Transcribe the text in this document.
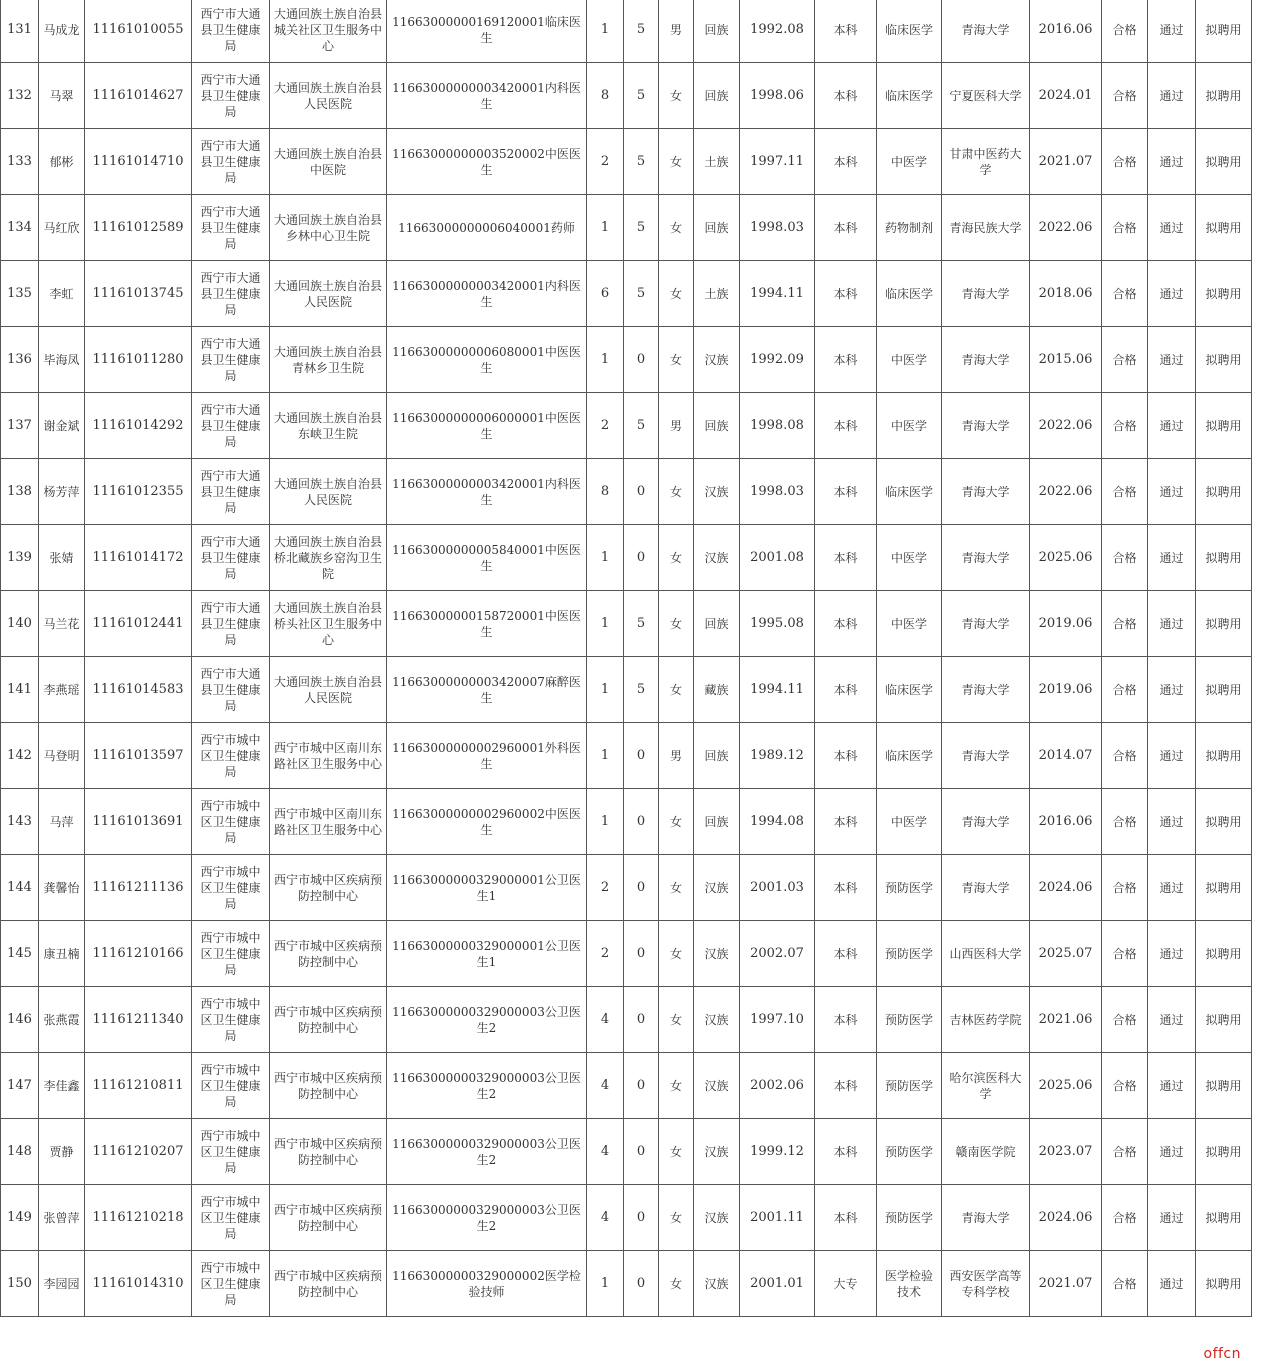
131	马成龙	11161010055	西宁市大通县卫生健康局	大通回族土族自治县城关社区卫生服务中心	11663000000169120001临床医生	1	5	男	回族	1992.08	本科	临床医学	青海大学	2016.06	合格	通过	拟聘用
132	马翠	11161014627	西宁市大通县卫生健康局	大通回族土族自治县人民医院	11663000000003420001内科医生	8	5	女	回族	1998.06	本科	临床医学	宁夏医科大学	2024.01	合格	通过	拟聘用
133	郁彬	11161014710	西宁市大通县卫生健康局	大通回族土族自治县中医院	11663000000003520002中医医生	2	5	女	土族	1997.11	本科	中医学	甘肃中医药大学	2021.07	合格	通过	拟聘用
134	马红欣	11161012589	西宁市大通县卫生健康局	大通回族土族自治县乡林中心卫生院	11663000000006040001药师	1	5	女	回族	1998.03	本科	药物制剂	青海民族大学	2022.06	合格	通过	拟聘用
135	李虹	11161013745	西宁市大通县卫生健康局	大通回族土族自治县人民医院	11663000000003420001内科医生	6	5	女	土族	1994.11	本科	临床医学	青海大学	2018.06	合格	通过	拟聘用
136	毕海凤	11161011280	西宁市大通县卫生健康局	大通回族土族自治县青林乡卫生院	11663000000006080001中医医生	1	0	女	汉族	1992.09	本科	中医学	青海大学	2015.06	合格	通过	拟聘用
137	谢金斌	11161014292	西宁市大通县卫生健康局	大通回族土族自治县东峡卫生院	11663000000006000001中医医生	2	5	男	回族	1998.08	本科	中医学	青海大学	2022.06	合格	通过	拟聘用
138	杨芳萍	11161012355	西宁市大通县卫生健康局	大通回族土族自治县人民医院	11663000000003420001内科医生	8	0	女	汉族	1998.03	本科	临床医学	青海大学	2022.06	合格	通过	拟聘用
139	张婧	11161014172	西宁市大通县卫生健康局	大通回族土族自治县桥北藏族乡窑沟卫生院	11663000000005840001中医医生	1	0	女	汉族	2001.08	本科	中医学	青海大学	2025.06	合格	通过	拟聘用
140	马兰花	11161012441	西宁市大通县卫生健康局	大通回族土族自治县桥头社区卫生服务中心	11663000000158720001中医医生	1	5	女	回族	1995.08	本科	中医学	青海大学	2019.06	合格	通过	拟聘用
141	李燕瑶	11161014583	西宁市大通县卫生健康局	大通回族土族自治县人民医院	11663000000003420007麻醉医生	1	5	女	藏族	1994.11	本科	临床医学	青海大学	2019.06	合格	通过	拟聘用
142	马登明	11161013597	西宁市城中区卫生健康局	西宁市城中区南川东路社区卫生服务中心	11663000000002960001外科医生	1	0	男	回族	1989.12	本科	临床医学	青海大学	2014.07	合格	通过	拟聘用
143	马萍	11161013691	西宁市城中区卫生健康局	西宁市城中区南川东路社区卫生服务中心	11663000000002960002中医医生	1	0	女	回族	1994.08	本科	中医学	青海大学	2016.06	合格	通过	拟聘用
144	龚馨怡	11161211136	西宁市城中区卫生健康局	西宁市城中区疾病预防控制中心	11663000000329000001公卫医生1	2	0	女	汉族	2001.03	本科	预防医学	青海大学	2024.06	合格	通过	拟聘用
145	康丑楠	11161210166	西宁市城中区卫生健康局	西宁市城中区疾病预防控制中心	11663000000329000001公卫医生1	2	0	女	汉族	2002.07	本科	预防医学	山西医科大学	2025.07	合格	通过	拟聘用
146	张燕霞	11161211340	西宁市城中区卫生健康局	西宁市城中区疾病预防控制中心	11663000000329000003公卫医生2	4	0	女	汉族	1997.10	本科	预防医学	吉林医药学院	2021.06	合格	通过	拟聘用
147	李佳鑫	11161210811	西宁市城中区卫生健康局	西宁市城中区疾病预防控制中心	11663000000329000003公卫医生2	4	0	女	汉族	2002.06	本科	预防医学	哈尔滨医科大学	2025.06	合格	通过	拟聘用
148	贾静	11161210207	西宁市城中区卫生健康局	西宁市城中区疾病预防控制中心	11663000000329000003公卫医生2	4	0	女	汉族	1999.12	本科	预防医学	赣南医学院	2023.07	合格	通过	拟聘用
149	张曾萍	11161210218	西宁市城中区卫生健康局	西宁市城中区疾病预防控制中心	11663000000329000003公卫医生2	4	0	女	汉族	2001.11	本科	预防医学	青海大学	2024.06	合格	通过	拟聘用
150	李园园	11161014310	西宁市城中区卫生健康局	西宁市城中区疾病预防控制中心	11663000000329000002医学检验技师	1	0	女	汉族	2001.01	大专	医学检验技术	西安医学高等专科学校	2021.07	合格	通过	拟聘用
offcn
